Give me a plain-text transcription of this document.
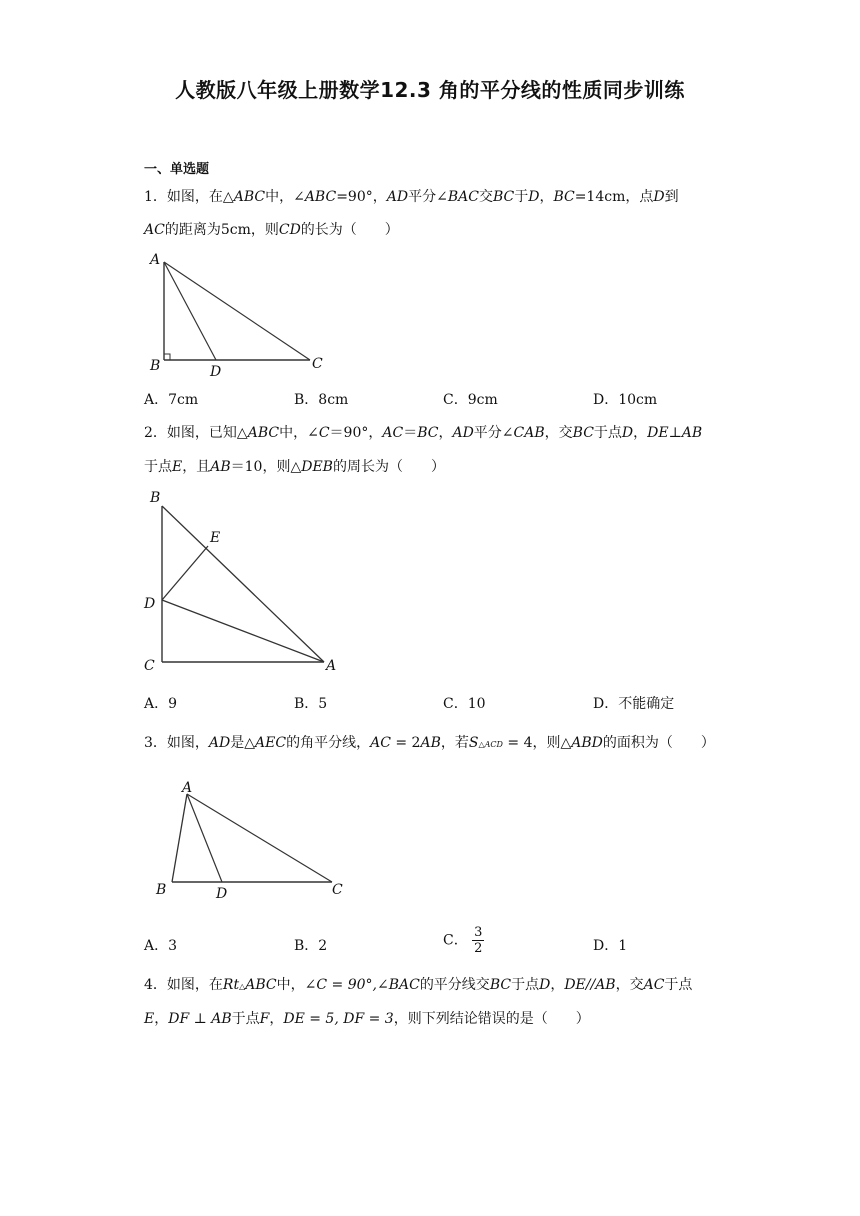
人教版八年级上册数学12.3 角的平分线的性质同步训练
一、单选题
1．如图，在△ABC中，∠ABC=90°，AD平分∠BAC交BC于D，BC=14cm，点D到
AC的距离为5cm，则CD的长为（　　）
A
B	D	C
A．7cm	B．8cm	C．9cm	D．10cm
2．如图，已知△ABC中，∠C＝90°，AC＝BC，AD平分∠CAB，交BC于点D，DE⊥AB
于点E，且AB＝10，则△DEB的周长为（　　）
B
E
D
C	A
A．9	B．5	C．10	D．不能确定
3．如图，AD是△AEC的角平分线，AC = 2AB，若S△ACD = 4，则△ABD的面积为（　　）
A
B	D	C
A．3	B．2	C． $\frac{3}{2}$	D．1
4．如图，在Rt△ABC中，∠C = 90°,∠BAC的平分线交BC于点D，DE//AB，交AC于点
E，DF ⊥ AB于点F，DE = 5, DF = 3，则下列结论错误的是（　　）
